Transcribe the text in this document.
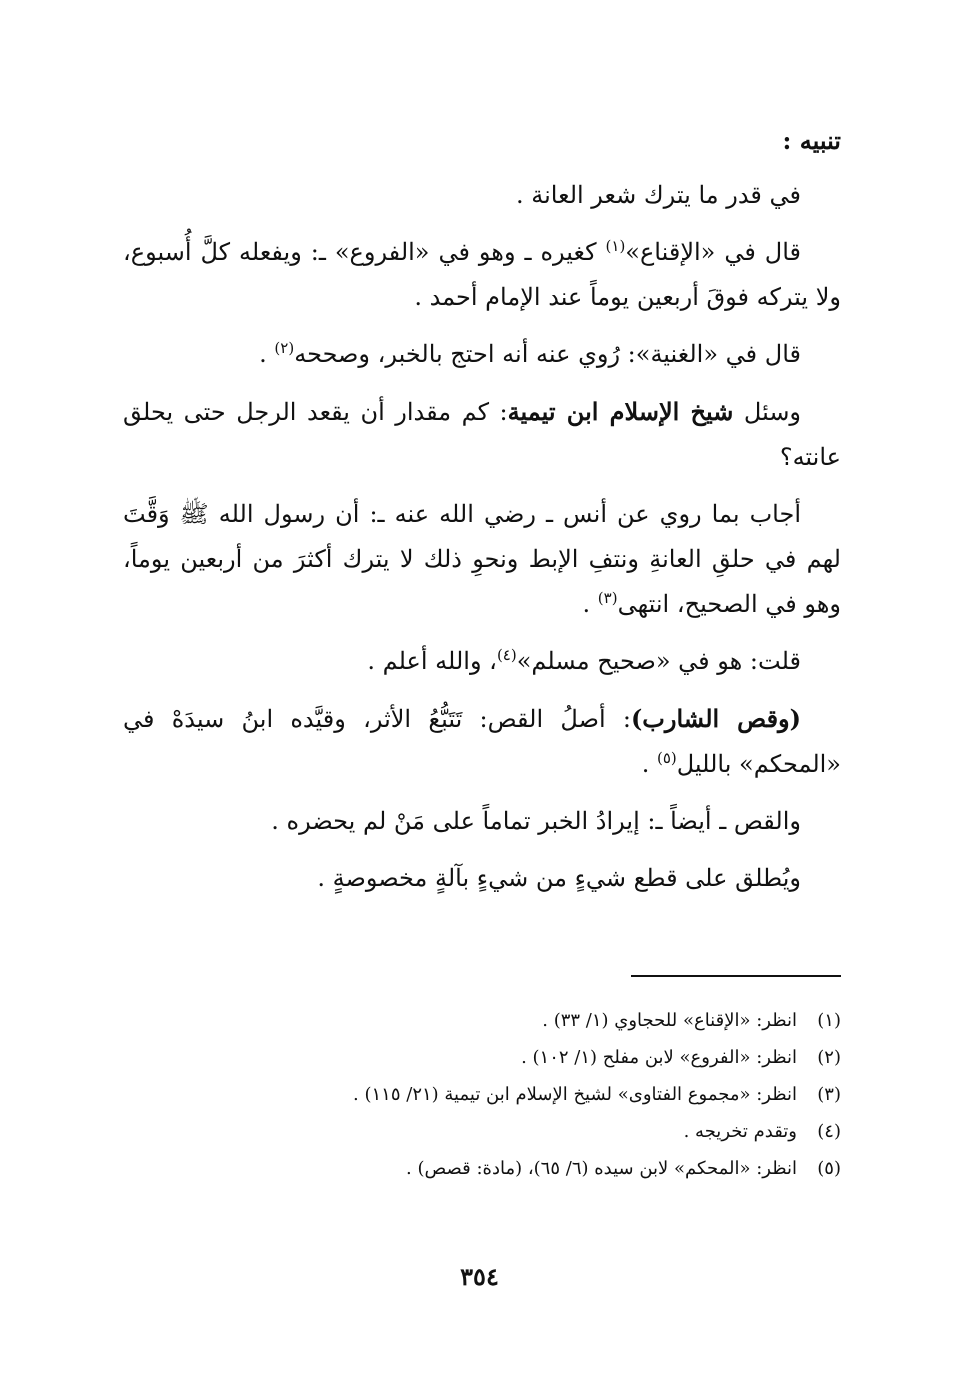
تنبيه :

في قدر ما يترك شعر العانة .

قال في «الإقناع»$^{(١)}$ كغيره ـ وهو في «الفروع» ـ: ويفعله كلَّ أُسبوع، ولا يتركه فوقَ أربعين يوماً عند الإمام أحمد .

قال في «الغنية»: رُوي عنه أنه احتج بالخبر، وصححه$^{(٢)}$ .

وسئل شيخ الإسلام ابن تيمية: كم مقدار أن يقعد الرجل حتى يحلق عانته؟

أجاب بما روي عن أنس ـ رضي الله عنه ـ: أن رسول الله ﷺ وَقَّتَ لهم في حلقِ العانةِ ونتفِ الإبط ونحوِ ذلك لا يترك أكثرَ من أربعين يوماً، وهو في الصحيح، انتهى$^{(٣)}$ .

قلت: هو في «صحيح مسلم»$^{(٤)}$، والله أعلم .

(وقص الشارب): أصلُ القص: تَتَبُّعُ الأثر، وقيَّده ابنُ سيدَهْ في «المحكم» بالليل$^{(٥)}$ .

والقص ـ أيضاً ـ: إيرادُ الخبر تماماً على مَنْ لم يحضره .

ويُطلق على قطع شيءٍ من شيءٍ بآلةٍ مخصوصةٍ .

(١)
انظر: «الإقناع» للحجاوي (١/ ٣٣) .
(٢)
انظر: «الفروع» لابن مفلح (١/ ١٠٢) .
(٣)
انظر: «مجموع الفتاوى» لشيخ الإسلام ابن تيمية (٢١/ ١١٥) .
(٤)
وتقدم تخريجه .
(٥)
انظر: «المحكم» لابن سيده (٦/ ٦٥)، (مادة: قصص) .
٣٥٤
